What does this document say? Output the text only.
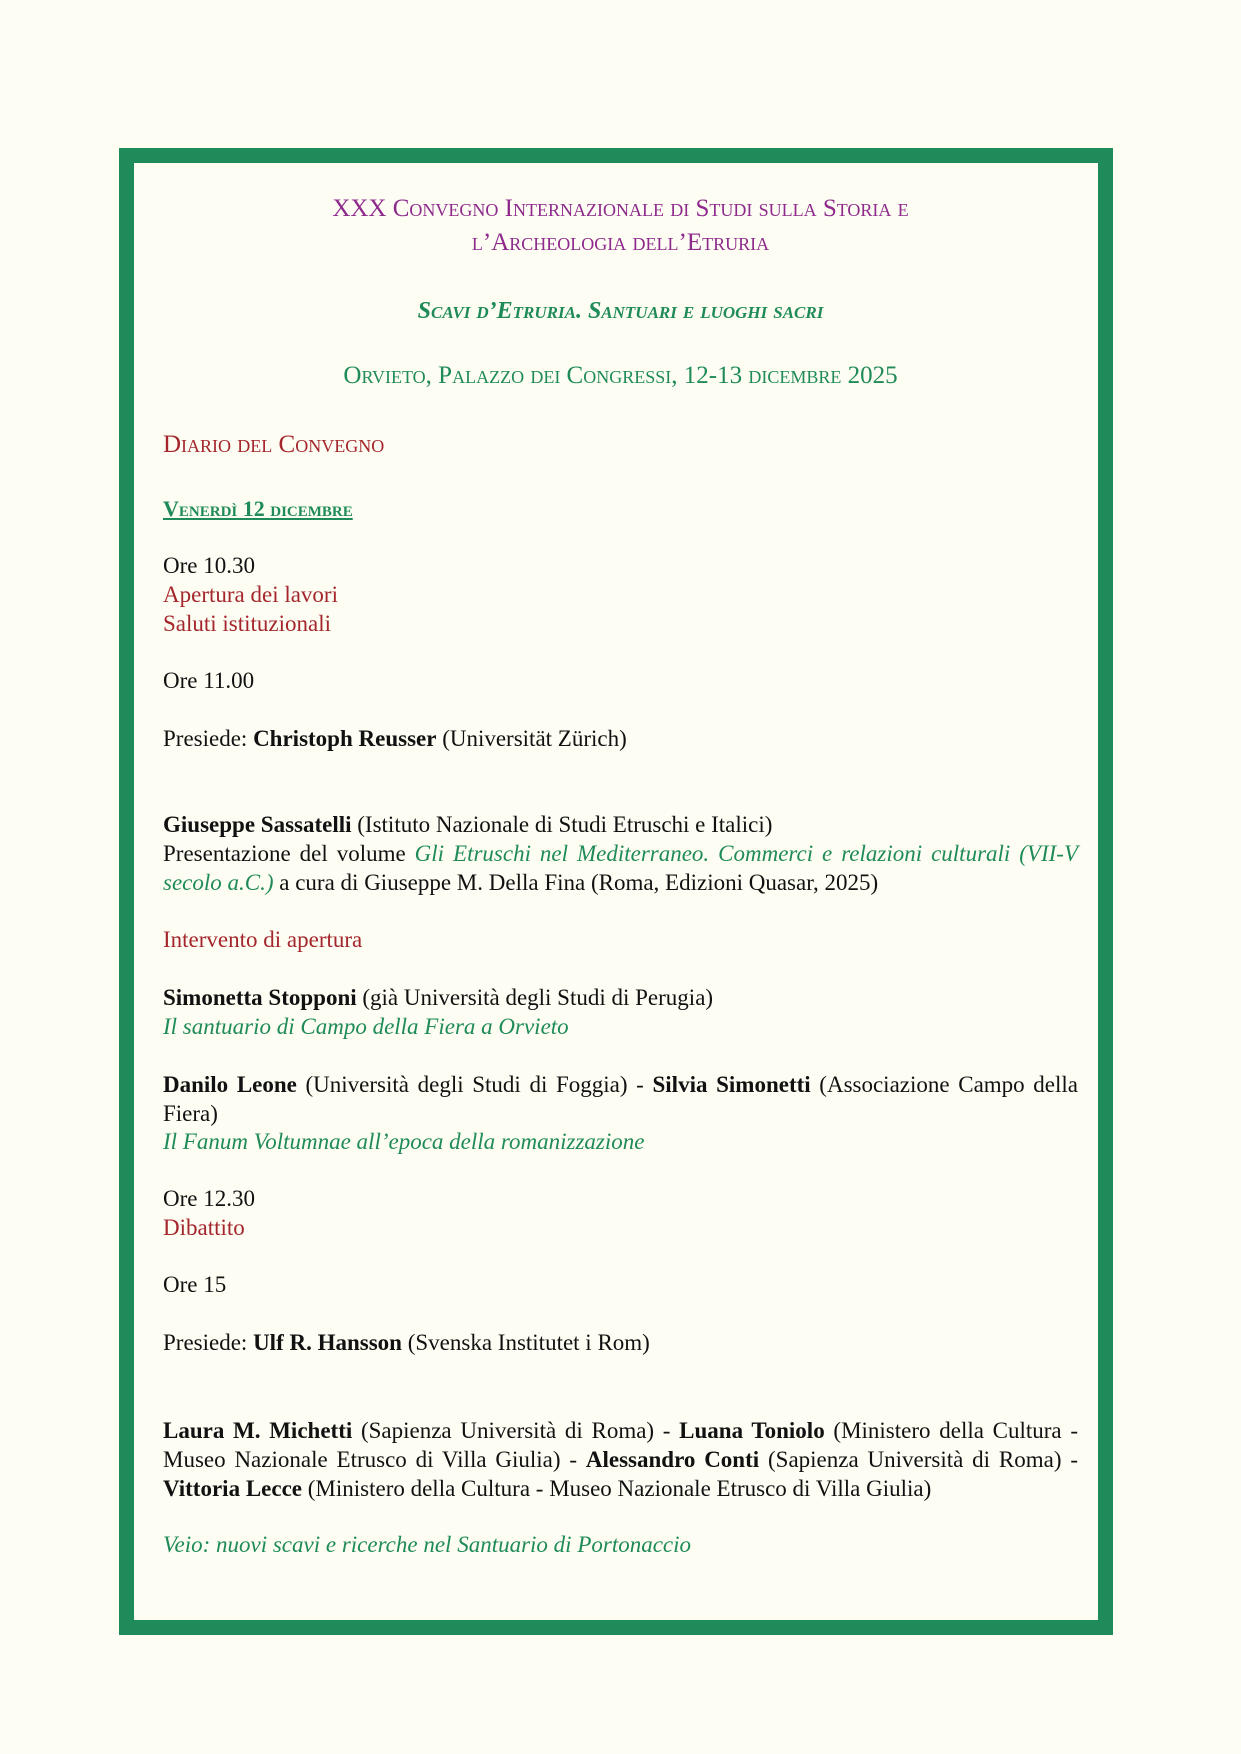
XXX Convegno Internazionale di Studi sulla Storia e
l’Archeologia dell’Etruria
Scavi d’Etruria. Santuari e luoghi sacri
Orvieto, Palazzo dei Congressi, 12-13 dicembre 2025
Diario del Convegno
Venerdì 12 dicembre
Ore 10.30
Apertura dei lavori
Saluti istituzionali
Ore 11.00
Presiede: Christoph Reusser (Universität Zürich)
Giuseppe Sassatelli (Istituto Nazionale di Studi Etruschi e Italici)
Presentazione del volume Gli Etruschi nel Mediterraneo. Commerci e relazioni culturali (VII-V secolo a.C.) a cura di Giuseppe M. Della Fina (Roma, Edizioni Quasar, 2025)
Intervento di apertura
Simonetta Stopponi (già Università degli Studi di Perugia)
Il santuario di Campo della Fiera a Orvieto
Danilo Leone (Università degli Studi di Foggia) - Silvia Simonetti (Associazione Campo della Fiera)
Il Fanum Voltumnae all’epoca della romanizzazione
Ore 12.30
Dibattito
Ore 15
Presiede: Ulf R. Hansson (Svenska Institutet i Rom)
Laura M. Michetti (Sapienza Università di Roma) - Luana Toniolo (Ministero della Cultura - Museo Nazionale Etrusco di Villa Giulia) - Alessandro Conti (Sapienza Università di Roma) - Vittoria Lecce (Ministero della Cultura - Museo Nazionale Etrusco di Villa Giulia)
Veio: nuovi scavi e ricerche nel Santuario di Portonaccio
